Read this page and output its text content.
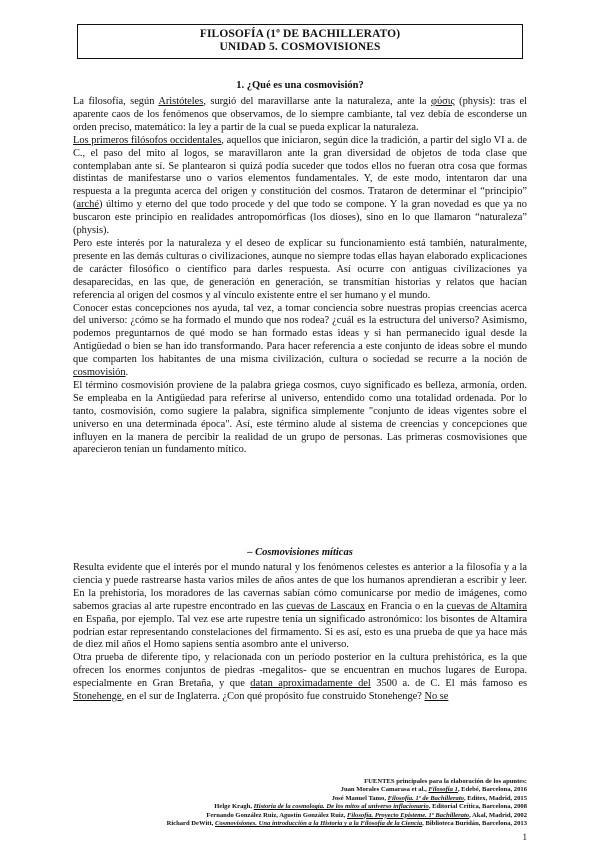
FILOSOFÍA (1º DE BACHILLERATO)
UNIDAD 5. COSMOVISIONES
1. ¿Qué es una cosmovisión?

La filosofía, según Aristóteles, surgió del maravillarse ante la naturaleza, ante la φύσις (physis): tras el aparente caos de los fenómenos que observamos, de lo siempre cambiante, tal vez debía de esconderse un orden preciso, matemático: la ley a partir de la cual se pueda explicar la naturaleza.

Los primeros filósofos occidentales, aquellos que iniciaron, según dice la tradición, a partir del siglo VI a. de C., el paso del mito al logos, se maravillaron ante la gran diversidad de objetos de toda clase que contemplaban ante sí. Se plantearon si quizá podía suceder que todos ellos no fueran otra cosa que formas distintas de manifestarse uno o varios elementos fundamentales. Y, de este modo, intentaron dar una respuesta a la pregunta acerca del origen y constitución del cosmos. Trataron de determinar el “principio” (arché) último y eterno del que todo procede y del que todo se compone. Y la gran novedad es que ya no buscaron este principio en realidades antropomórficas (los dioses), sino en lo que llamaron “naturaleza” (physis).

Pero este interés por la naturaleza y el deseo de explicar su funcionamiento está también, naturalmente, presente en las demás culturas o civilizaciones, aunque no siempre todas ellas hayan elaborado explicaciones de carácter filosófico o científico para darles respuesta. Así ocurre con antiguas civilizaciones ya desaparecidas, en las que, de generación en generación, se transmitían historias y relatos que hacían referencia al origen del cosmos y al vínculo existente entre el ser humano y el mundo.

Conocer estas concepciones nos ayuda, tal vez, a tomar conciencia sobre nuestras propias creencias acerca del universo: ¿cómo se ha formado el mundo que nos rodea? ¿cuál es la estructura del universo? Asimismo, podemos preguntarnos de qué modo se han formado estas ideas y si han permanecido igual desde la Antigüedad o bien se han ido transformando. Para hacer referencia a este conjunto de ideas sobre el mundo que comparten los habitantes de una misma civilización, cultura o sociedad se recurre a la noción de cosmovisión.

El término cosmovisión proviene de la palabra griega cosmos, cuyo significado es belleza, armonía, orden. Se empleaba en la Antigüedad para referirse al universo, entendido como una totalidad ordenada. Por lo tanto, cosmovisión, como sugiere la palabra, significa simplemente "conjunto de ideas vigentes sobre el universo en una determinada época". Así, este término alude al sistema de creencias y concepciones que influyen en la manera de percibir la realidad de un grupo de personas. Las primeras cosmovisiones que aparecieron tenían un fundamento mítico.

– Cosmovisiones míticas

Resulta evidente que el interés por el mundo natural y los fenómenos celestes es anterior a la filosofía y a la ciencia y puede rastrearse hasta varios miles de años antes de que los humanos aprendieran a escribir y leer. En la prehistoria, los moradores de las cavernas sabían cómo comunicarse por medio de imágenes, como sabemos gracias al arte rupestre encontrado en las cuevas de Lascaux en Francia o en la cuevas de Altamira en España, por ejemplo. Tal vez ese arte rupestre tenía un significado astronómico: los bisontes de Altamira podrían estar representando constelaciones del firmamento. Si es así, esto es una prueba de que ya hace más de diez mil años el Homo sapiens sentía asombro ante el universo.

Otra prueba de diferente tipo, y relacionada con un período posterior en la cultura prehistórica, es la que ofrecen los enormes conjuntos de piedras -megalitos- que se encuentran en muchos lugares de Europa. especialmente en Gran Bretaña, y que datan aproximadamente del 3500 a. de C. El más famoso es Stonehenge, en el sur de Inglaterra. ¿Con qué propósito fue construido Stonehenge? No se

FUENTES principales para la elaboración de los apuntes:
Juan Morales Camarasa et al., Filosofía 1, Edebé, Barcelona, 2016
José Manuel Tamo, Filosofía. 1º de Bachillerato, Editex, Madrid, 2015
Helge Kragh, Historia de la cosmología. De los mitos al universo inflacionario, Editorial Crítica, Barcelona, 2008
Fernando González Ruiz, Agustín González Ruiz, Filosofía. Proyecto Episteme. 1º Bachillerato, Akal, Madrid, 2002
Richard DeWitt, Cosmovisiones. Una introducción a la Historia y a la Filosofía de la Ciencia, Biblioteca Buridán, Barcelona, 2013
1
